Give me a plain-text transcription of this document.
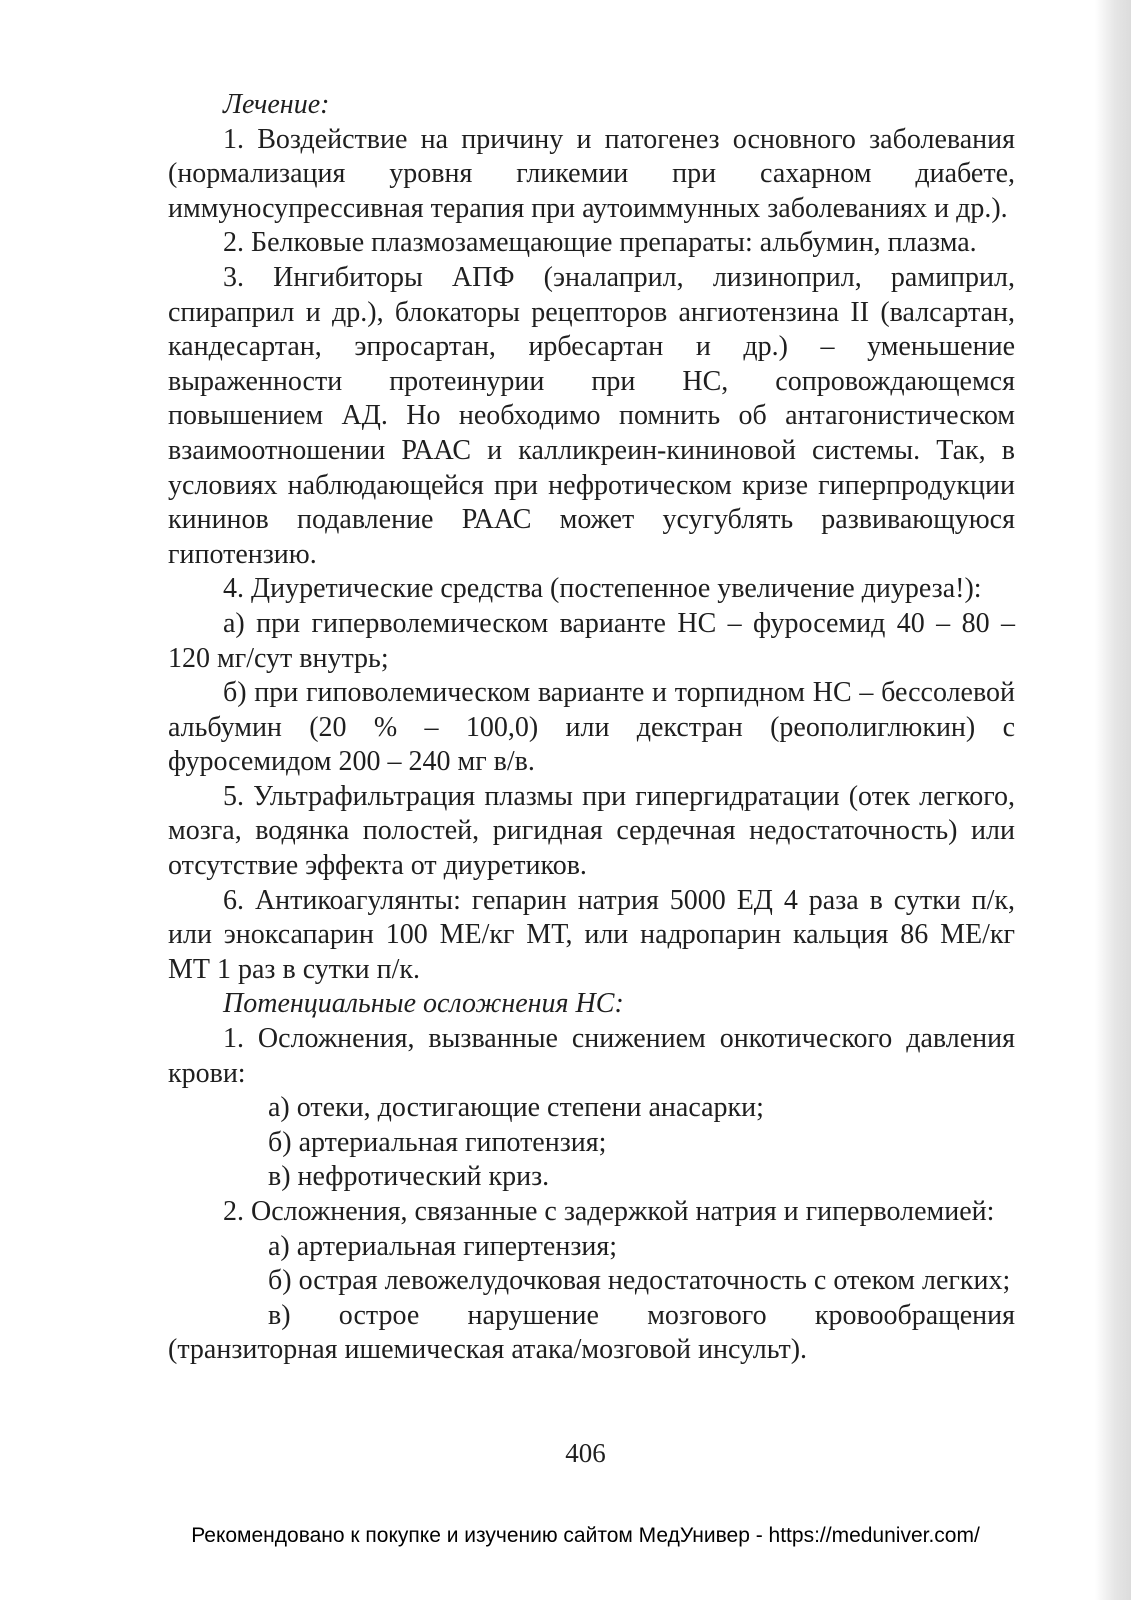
Лечение:

1. Воздействие на причину и патогенез основного заболевания (нормализация уровня гликемии при сахарном диабете, иммуносупрессивная терапия при аутоиммунных заболеваниях и др.).

2. Белковые плазмозамещающие препараты: альбумин, плазма.

3. Ингибиторы АПФ (эналаприл, лизиноприл, рамиприл, спираприл и др.), блокаторы рецепторов ангиотензина II (валсартан, кандесартан, эпросартан, ирбесартан и др.) – уменьшение выраженности протеинурии при НС, сопровождающемся повышением АД. Но необходимо помнить об антагонистическом взаимоотношении РААС и калликреин-кининовой системы. Так, в условиях наблюдающейся при нефротическом кризе гиперпродукции кининов подавление РААС может усугублять развивающуюся гипотензию.

4. Диуретические средства (постепенное увеличение диуреза!):

а) при гиперволемическом варианте НС – фуросемид 40 – 80 – 120 мг/сут внутрь;

б) при гиповолемическом варианте и торпидном НС – бессолевой альбумин (20 % – 100,0) или декстран (реополиглюкин) с фуросемидом 200 – 240 мг в/в.

5. Ультрафильтрация плазмы при гипергидратации (отек легкого, мозга, водянка полостей, ригидная сердечная недостаточность) или отсутствие эффекта от диуретиков.

6. Антикоагулянты: гепарин натрия 5000 ЕД 4 раза в сутки п/к, или эноксапарин 100 МЕ/кг МТ, или надропарин кальция 86 МЕ/кг МТ 1 раз в сутки п/к.

Потенциальные осложнения НС:

1. Осложнения, вызванные снижением онкотического давления крови:

а) отеки, достигающие степени анасарки;

б) артериальная гипотензия;

в) нефротический криз.

2. Осложнения, связанные с задержкой натрия и гиперволемией:

а) артериальная гипертензия;

б) острая левожелудочковая недостаточность с отеком легких;

в) острое нарушение мозгового кровообращения (транзиторная ишемическая атака/мозговой инсульт).

406
Рекомендовано к покупке и изучению сайтом МедУнивер - https://meduniver.com/
